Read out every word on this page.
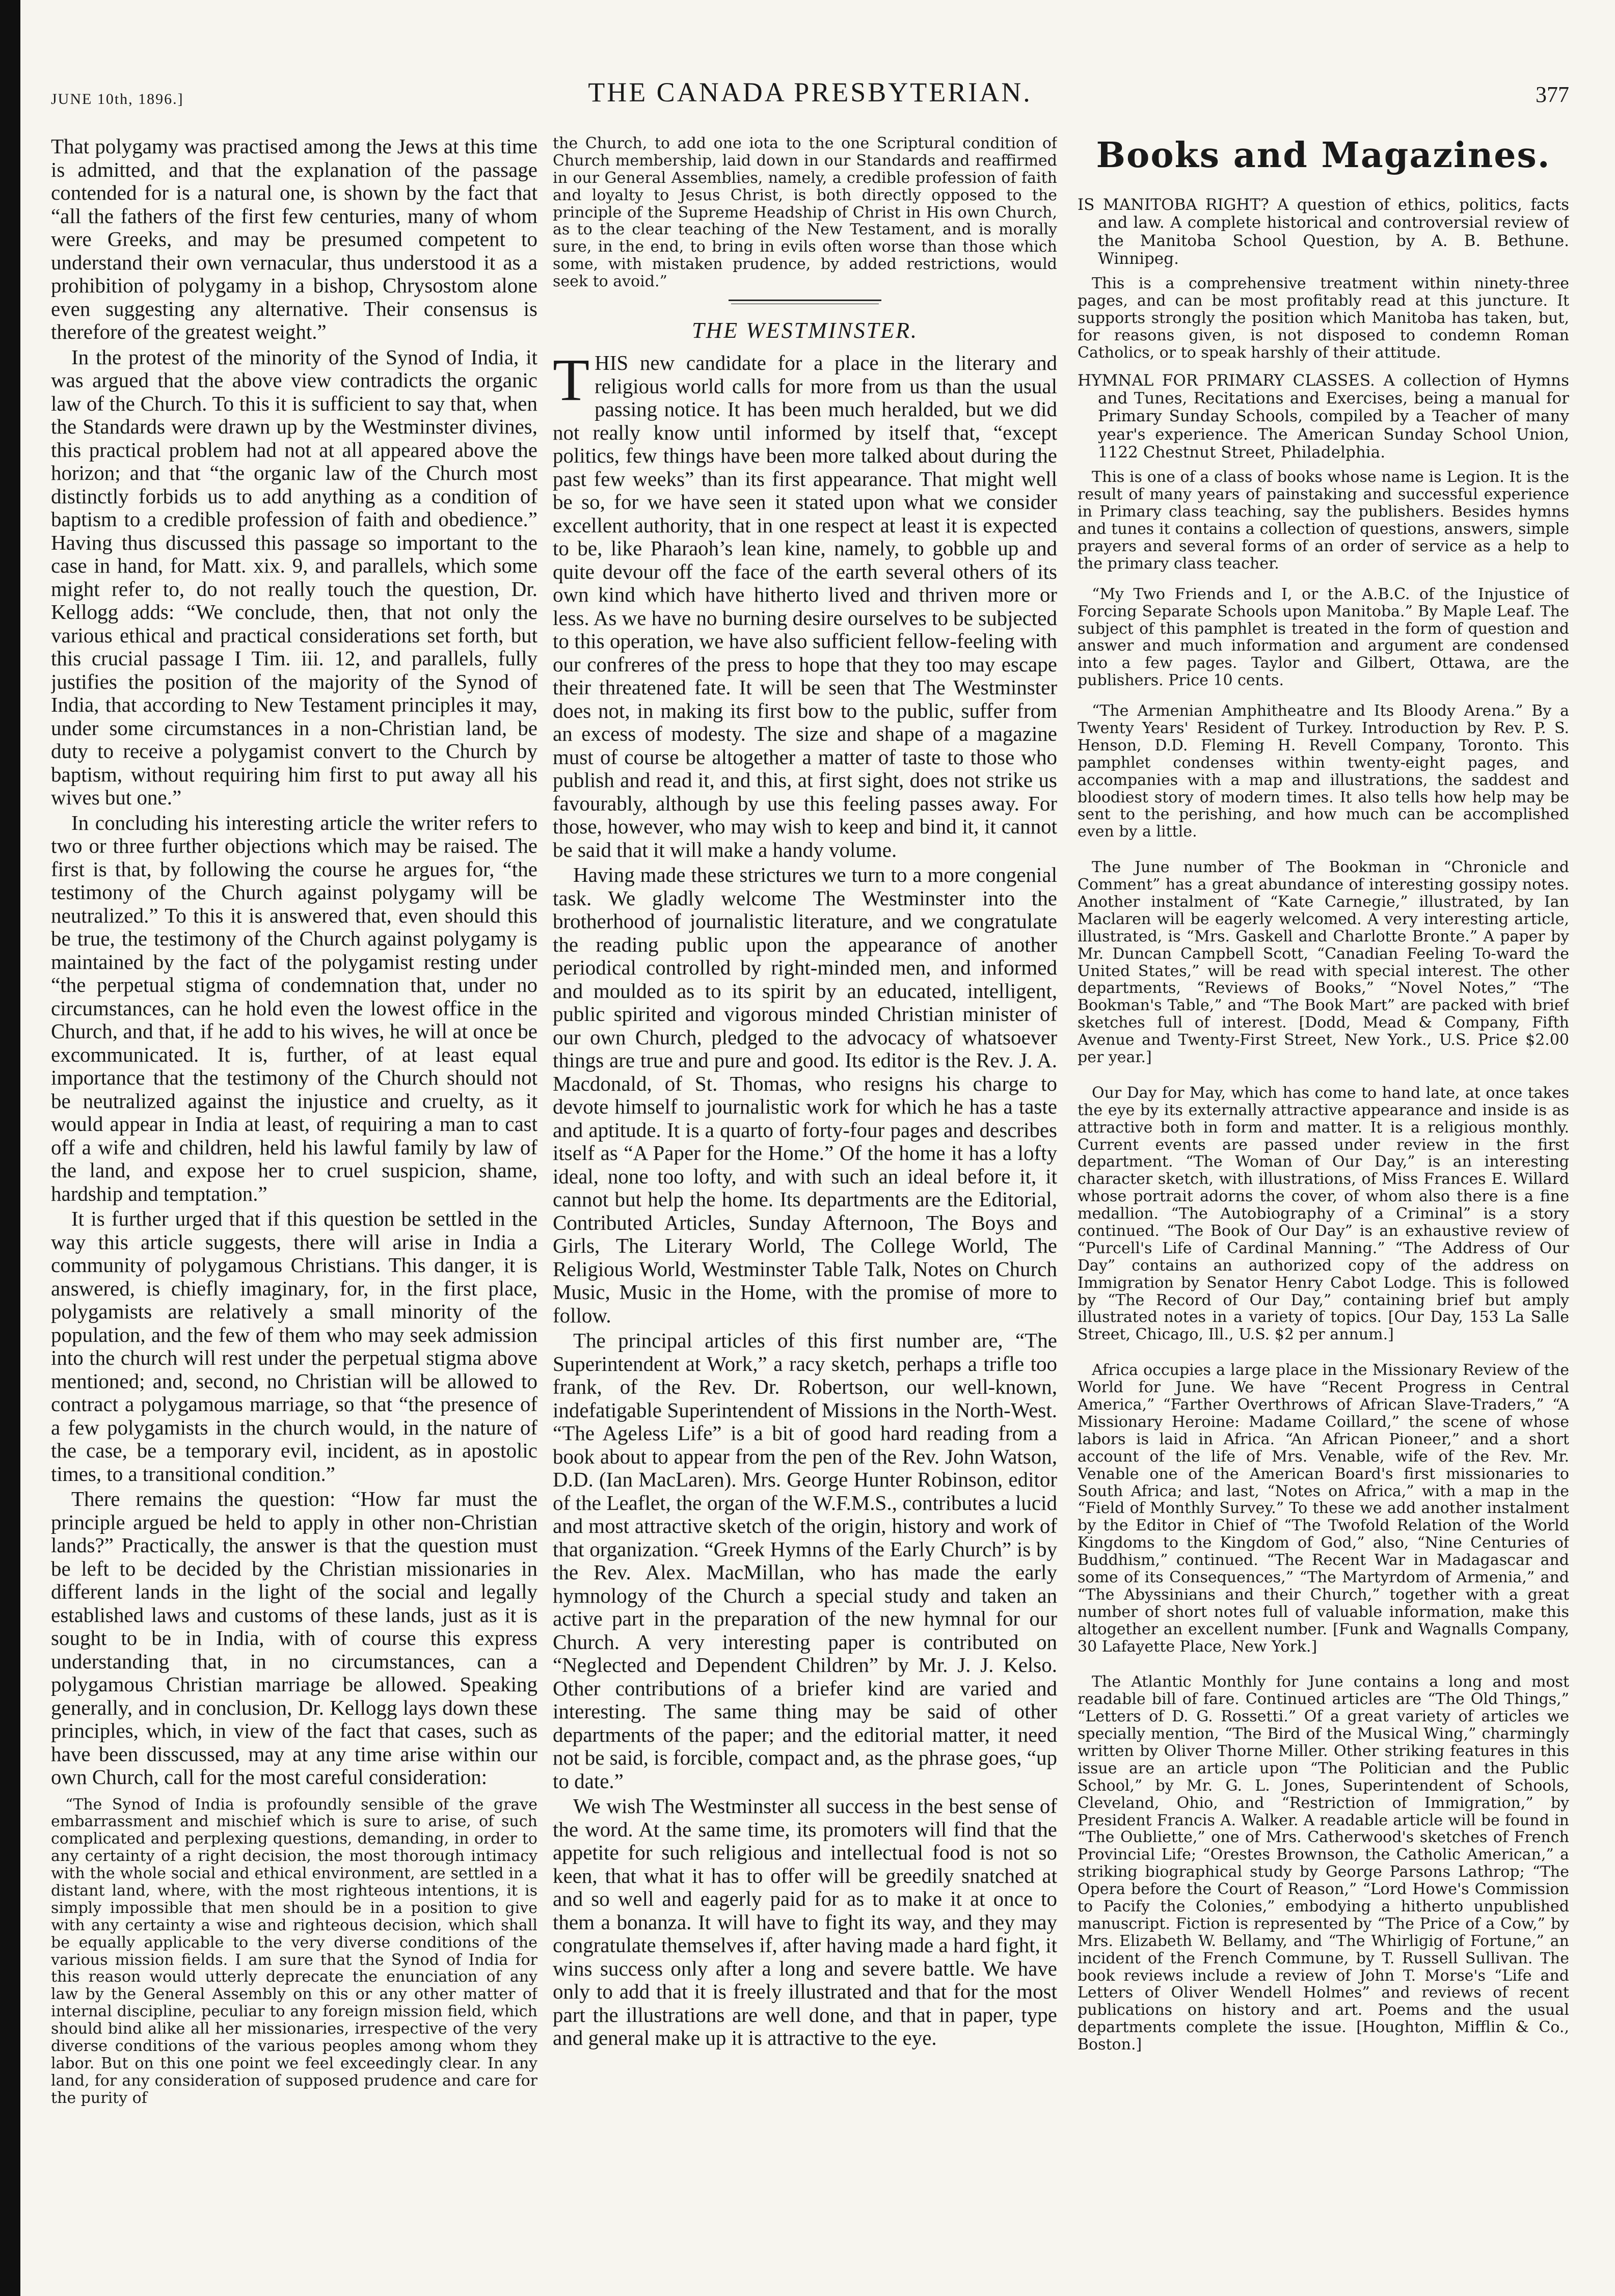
JUNE 10th, 1896.]	THE CANADA PRESBYTERIAN.	377

That polygamy was practised among the Jews at this time is admitted, and that the explanation of the passage contended for is a natural one, is shown by the fact that “all the fathers of the first few centuries, many of whom were Greeks, and may be presumed competent to understand their own vernacular, thus understood it as a prohibition of polygamy in a bishop, Chrysostom alone even suggesting any alternative. Their consensus is therefore of the greatest weight.”

In the protest of the minority of the Synod of India, it was argued that the above view contradicts the organic law of the Church. To this it is sufficient to say that, when the Standards were drawn up by the Westminster divines, this practical problem had not at all appeared above the horizon; and that “the organic law of the Church most distinctly forbids us to add anything as a condition of baptism to a credible profession of faith and obedience.” Having thus discussed this passage so important to the case in hand, for Matt. xix. 9, and parallels, which some might refer to, do not really touch the question, Dr. Kellogg adds: “We conclude, then, that not only the various ethical and practical considerations set forth, but this crucial passage I Tim. iii. 12, and parallels, fully justifies the position of the majority of the Synod of India, that according to New Testament principles it may, under some circumstances in a non-Christian land, be duty to receive a polygamist convert to the Church by baptism, without requiring him first to put away all his wives but one.”

In concluding his interesting article the writer refers to two or three further objections which may be raised. The first is that, by following the course he argues for, “the testimony of the Church against polygamy will be neutralized.” To this it is answered that, even should this be true, the testimony of the Church against polygamy is maintained by the fact of the polygamist resting under “the perpetual stigma of condemnation that, under no circumstances, can he hold even the lowest office in the Church, and that, if he add to his wives, he will at once be excommunicated. It is, further, of at least equal importance that the testimony of the Church should not be neutralized against the injustice and cruelty, as it would appear in India at least, of requiring a man to cast off a wife and children, held his lawful family by law of the land, and expose her to cruel suspicion, shame, hardship and temptation.”

It is further urged that if this question be settled in the way this article suggests, there will arise in India a community of polygamous Christians. This danger, it is answered, is chiefly imaginary, for, in the first place, polygamists are relatively a small minority of the population, and the few of them who may seek admission into the church will rest under the perpetual stigma above mentioned; and, second, no Christian will be allowed to contract a polygamous marriage, so that “the presence of a few polygamists in the church would, in the nature of the case, be a temporary evil, incident, as in apostolic times, to a transitional condition.”

There remains the question: “How far must the principle argued be held to apply in other non-Christian lands?” Practically, the answer is that the question must be left to be decided by the Christian missionaries in different lands in the light of the social and legally established laws and customs of these lands, just as it is sought to be in India, with of course this express understanding that, in no circumstances, can a polygamous Christian marriage be allowed. Speaking generally, and in conclusion, Dr. Kellogg lays down these principles, which, in view of the fact that cases, such as have been disscussed, may at any time arise within our own Church, call for the most careful consideration:

“The Synod of India is profoundly sensible of the grave embarrassment and mischief which is sure to arise, of such complicated and perplexing questions, demanding, in order to any certainty of a right decision, the most thorough intimacy with the whole social and ethical environment, are settled in a distant land, where, with the most righteous intentions, it is simply impossible that men should be in a position to give with any certainty a wise and righteous decision, which shall be equally applicable to the very diverse conditions of the various mission fields. I am sure that the Synod of India for this reason would utterly deprecate the enunciation of any law by the General Assembly on this or any other matter of internal discipline, peculiar to any foreign mission field, which should bind alike all her missionaries, irrespective of the very diverse conditions of the various peoples among whom they labor. But on this one point we feel exceedingly clear. In any land, for any consideration of supposed prudence and care for the purity of

the Church, to add one iota to the one Scriptural condition of Church membership, laid down in our Standards and reaffirmed in our General Assemblies, namely, a credible profession of faith and loyalty to Jesus Christ, is both directly opposed to the principle of the Supreme Headship of Christ in His own Church, as to the clear teaching of the New Testament, and is morally sure, in the end, to bring in evils often worse than those which some, with mistaken prudence, by added restrictions, would seek to avoid.”

THE WESTMINSTER.

THIS new candidate for a place in the literary and religious world calls for more from us than the usual passing notice. It has been much heralded, but we did not really know until informed by itself that, “except politics, few things have been more talked about during the past few weeks” than its first appearance. That might well be so, for we have seen it stated upon what we consider excellent authority, that in one respect at least it is expected to be, like Pharaoh’s lean kine, namely, to gobble up and quite devour off the face of the earth several others of its own kind which have hitherto lived and thriven more or less. As we have no burning desire ourselves to be subjected to this operation, we have also sufficient fellow-feeling with our confreres of the press to hope that they too may escape their threatened fate. It will be seen that The Westminster does not, in making its first bow to the public, suffer from an excess of modesty. The size and shape of a magazine must of course be altogether a matter of taste to those who publish and read it, and this, at first sight, does not strike us favourably, although by use this feeling passes away. For those, however, who may wish to keep and bind it, it cannot be said that it will make a handy volume.

Having made these strictures we turn to a more congenial task. We gladly welcome The Westminster into the brotherhood of journalistic literature, and we congratulate the reading public upon the appearance of another periodical controlled by right-minded men, and informed and moulded as to its spirit by an educated, intelligent, public spirited and vigorous minded Christian minister of our own Church, pledged to the advocacy of whatsoever things are true and pure and good. Its editor is the Rev. J. A. Macdonald, of St. Thomas, who resigns his charge to devote himself to journalistic work for which he has a taste and aptitude. It is a quarto of forty-four pages and describes itself as “A Paper for the Home.” Of the home it has a lofty ideal, none too lofty, and with such an ideal before it, it cannot but help the home. Its departments are the Editorial, Contributed Articles, Sunday Afternoon, The Boys and Girls, The Literary World, The College World, The Religious World, Westminster Table Talk, Notes on Church Music, Music in the Home, with the promise of more to follow.

The principal articles of this first number are, “The Superintendent at Work,” a racy sketch, perhaps a trifle too frank, of the Rev. Dr. Robertson, our well-known, indefatigable Superintendent of Missions in the North-West. “The Ageless Life” is a bit of good hard reading from a book about to appear from the pen of the Rev. John Watson, D.D. (Ian MacLaren). Mrs. George Hunter Robinson, editor of the Leaflet, the organ of the W.F.M.S., contributes a lucid and most attractive sketch of the origin, history and work of that organization. “Greek Hymns of the Early Church” is by the Rev. Alex. MacMillan, who has made the early hymnology of the Church a special study and taken an active part in the preparation of the new hymnal for our Church. A very interesting paper is contributed on “Neglected and Dependent Children” by Mr. J. J. Kelso. Other contributions of a briefer kind are varied and interesting. The same thing may be said of other departments of the paper; and the editorial matter, it need not be said, is forcible, compact and, as the phrase goes, “up to date.”

We wish The Westminster all success in the best sense of the word. At the same time, its promoters will find that the appetite for such religious and intellectual food is not so keen, that what it has to offer will be greedily snatched at and so well and eagerly paid for as to make it at once to them a bonanza. It will have to fight its way, and they may congratulate themselves if, after having made a hard fight, it wins success only after a long and severe battle. We have only to add that it is freely illustrated and that for the most part the illustrations are well done, and that in paper, type and general make up it is attractive to the eye.

Books and Magazines.

IS MANITOBA RIGHT? A question of ethics, politics, facts and law. A complete historical and controversial review of the Manitoba School Question, by A. B. Bethune. Winnipeg.

This is a comprehensive treatment within ninety-three pages, and can be most profitably read at this juncture. It supports strongly the position which Manitoba has taken, but, for reasons given, is not disposed to condemn Roman Catholics, or to speak harshly of their attitude.

HYMNAL FOR PRIMARY CLASSES. A collection of Hymns and Tunes, Recitations and Exercises, being a manual for Primary Sunday Schools, compiled by a Teacher of many year's experience. The American Sunday School Union, 1122 Chestnut Street, Philadelphia.

This is one of a class of books whose name is Legion. It is the result of many years of painstaking and successful experience in Primary class teaching, say the publishers. Besides hymns and tunes it contains a collection of questions, answers, simple prayers and several forms of an order of service as a help to the primary class teacher.

“My Two Friends and I, or the A.B.C. of the Injustice of Forcing Separate Schools upon Manitoba.” By Maple Leaf. The subject of this pamphlet is treated in the form of question and answer and much information and argument are condensed into a few pages. Taylor and Gilbert, Ottawa, are the publishers. Price 10 cents.

“The Armenian Amphitheatre and Its Bloody Arena.” By a Twenty Years' Resident of Turkey. Introduction by Rev. P. S. Henson, D.D. Fleming H. Revell Company, Toronto. This pamphlet condenses within twenty-eight pages, and accompanies with a map and illustrations, the saddest and bloodiest story of modern times. It also tells how help may be sent to the perishing, and how much can be accomplished even by a little.

The June number of The Bookman in “Chronicle and Comment” has a great abundance of interesting gossipy notes. Another instalment of “Kate Carnegie,” illustrated, by Ian Maclaren will be eagerly welcomed. A very interesting article, illustrated, is “Mrs. Gaskell and Charlotte Bronte.” A paper by Mr. Duncan Campbell Scott, “Canadian Feeling To-ward the United States,” will be read with special interest. The other departments, “Reviews of Books,” “Novel Notes,” “The Bookman's Table,” and “The Book Mart” are packed with brief sketches full of interest. [Dodd, Mead & Company, Fifth Avenue and Twenty-First Street, New York., U.S. Price $2.00 per year.]

Our Day for May, which has come to hand late, at once takes the eye by its externally attractive appearance and inside is as attractive both in form and matter. It is a religious monthly. Current events are passed under review in the first department. “The Woman of Our Day,” is an interesting character sketch, with illustrations, of Miss Frances E. Willard whose portrait adorns the cover, of whom also there is a fine medallion. “The Autobiography of a Criminal” is a story continued. “The Book of Our Day” is an exhaustive review of “Purcell's Life of Cardinal Manning.” “The Address of Our Day” contains an authorized copy of the address on Immigration by Senator Henry Cabot Lodge. This is followed by “The Record of Our Day,” containing brief but amply illustrated notes in a variety of topics. [Our Day, 153 La Salle Street, Chicago, Ill., U.S. $2 per annum.]

Africa occupies a large place in the Missionary Review of the World for June. We have “Recent Progress in Central America,” “Farther Overthrows of African Slave-Traders,” “A Missionary Heroine: Madame Coillard,” the scene of whose labors is laid in Africa. “An African Pioneer,” and a short account of the life of Mrs. Venable, wife of the Rev. Mr. Venable one of the American Board's first missionaries to South Africa; and last, “Notes on Africa,” with a map in the “Field of Monthly Survey.” To these we add another instalment by the Editor in Chief of “The Twofold Relation of the World Kingdoms to the Kingdom of God,” also, “Nine Centuries of Buddhism,” continued. “The Recent War in Madagascar and some of its Consequences,” “The Martyrdom of Armenia,” and “The Abyssinians and their Church,” together with a great number of short notes full of valuable information, make this altogether an excellent number. [Funk and Wagnalls Company, 30 Lafayette Place, New York.]

The Atlantic Monthly for June contains a long and most readable bill of fare. Continued articles are “The Old Things,” “Letters of D. G. Rossetti.” Of a great variety of articles we specially mention, “The Bird of the Musical Wing,” charmingly written by Oliver Thorne Miller. Other striking features in this issue are an article upon “The Politician and the Public School,” by Mr. G. L. Jones, Superintendent of Schools, Cleveland, Ohio, and “Restriction of Immigration,” by President Francis A. Walker. A readable article will be found in “The Oubliette,” one of Mrs. Catherwood's sketches of French Provincial Life; “Orestes Brownson, the Catholic American,” a striking biographical study by George Parsons Lathrop; “The Opera before the Court of Reason,” “Lord Howe's Commission to Pacify the Colonies,” embodying a hitherto unpublished manuscript. Fiction is represented by “The Price of a Cow,” by Mrs. Elizabeth W. Bellamy, and “The Whirligig of Fortune,” an incident of the French Commune, by T. Russell Sullivan. The book reviews include a review of John T. Morse's “Life and Letters of Oliver Wendell Holmes” and reviews of recent publications on history and art. Poems and the usual departments complete the issue. [Houghton, Mifflin & Co., Boston.]
